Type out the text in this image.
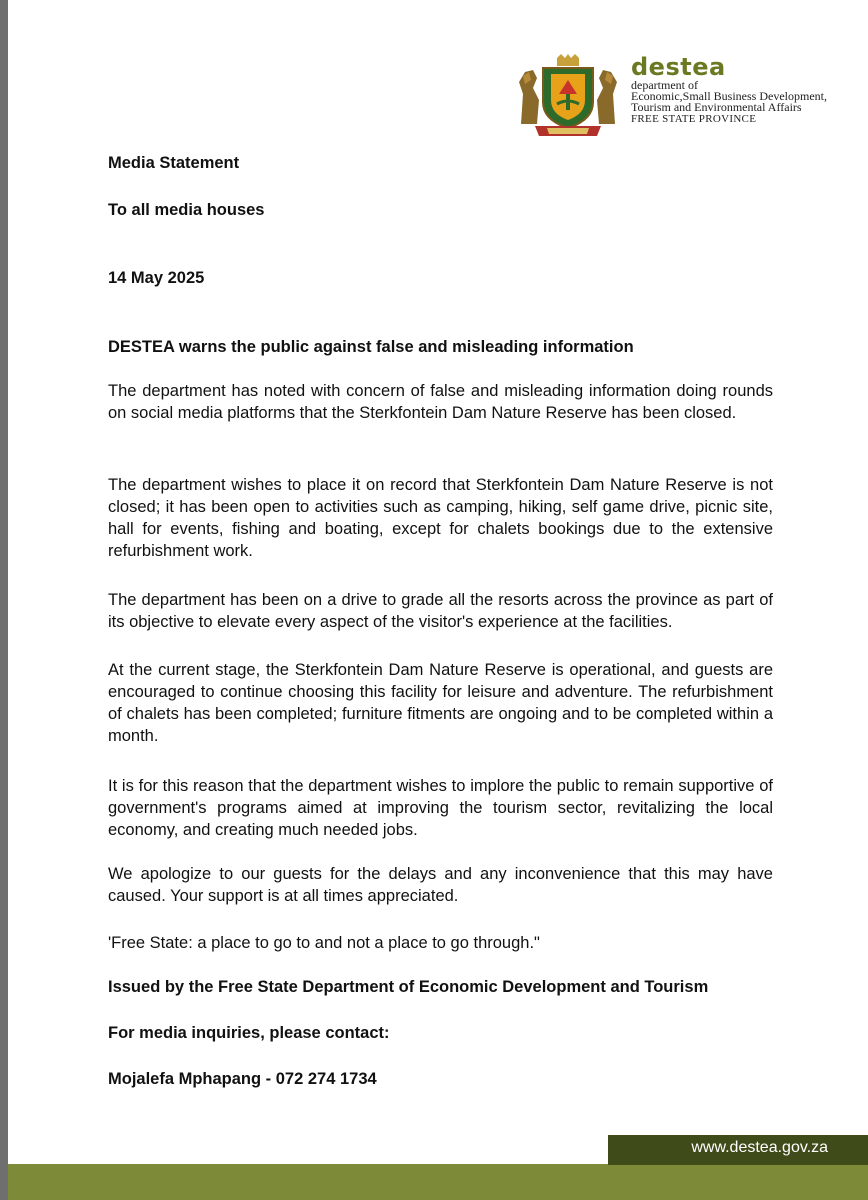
destea
department of
Economic,Small Business Development,
Tourism and Environmental Affairs
FREE STATE PROVINCE

Media Statement

To all media houses

14 May 2025

DESTEA warns the public against false and misleading information

The department has noted with concern of false and misleading information doing rounds on social media platforms that the Sterkfontein Dam Nature Reserve has been closed.

The department wishes to place it on record that Sterkfontein Dam Nature Reserve is not closed; it has been open to activities such as camping, hiking, self game drive, picnic site, hall for events, fishing and boating, except for chalets bookings due to the extensive refurbishment work.

The department has been on a drive to grade all the resorts across the province as part of its objective to elevate every aspect of the visitor's experience at the facilities.

At the current stage, the Sterkfontein Dam Nature Reserve is operational, and guests are encouraged to continue choosing this facility for leisure and adventure. The refurbishment of chalets has been completed; furniture fitments are ongoing and to be completed within a month.

It is for this reason that the department wishes to implore the public to remain supportive of government's programs aimed at improving the tourism sector, revitalizing the local economy, and creating much needed jobs.

We apologize to our guests for the delays and any inconvenience that this may have caused. Your support is at all times appreciated.

'Free State: a place to go to and not a place to go through."

Issued by the Free State Department of Economic Development and Tourism

For media inquiries, please contact:

Mojalefa Mphapang - 072 274 1734

www.destea.gov.za
